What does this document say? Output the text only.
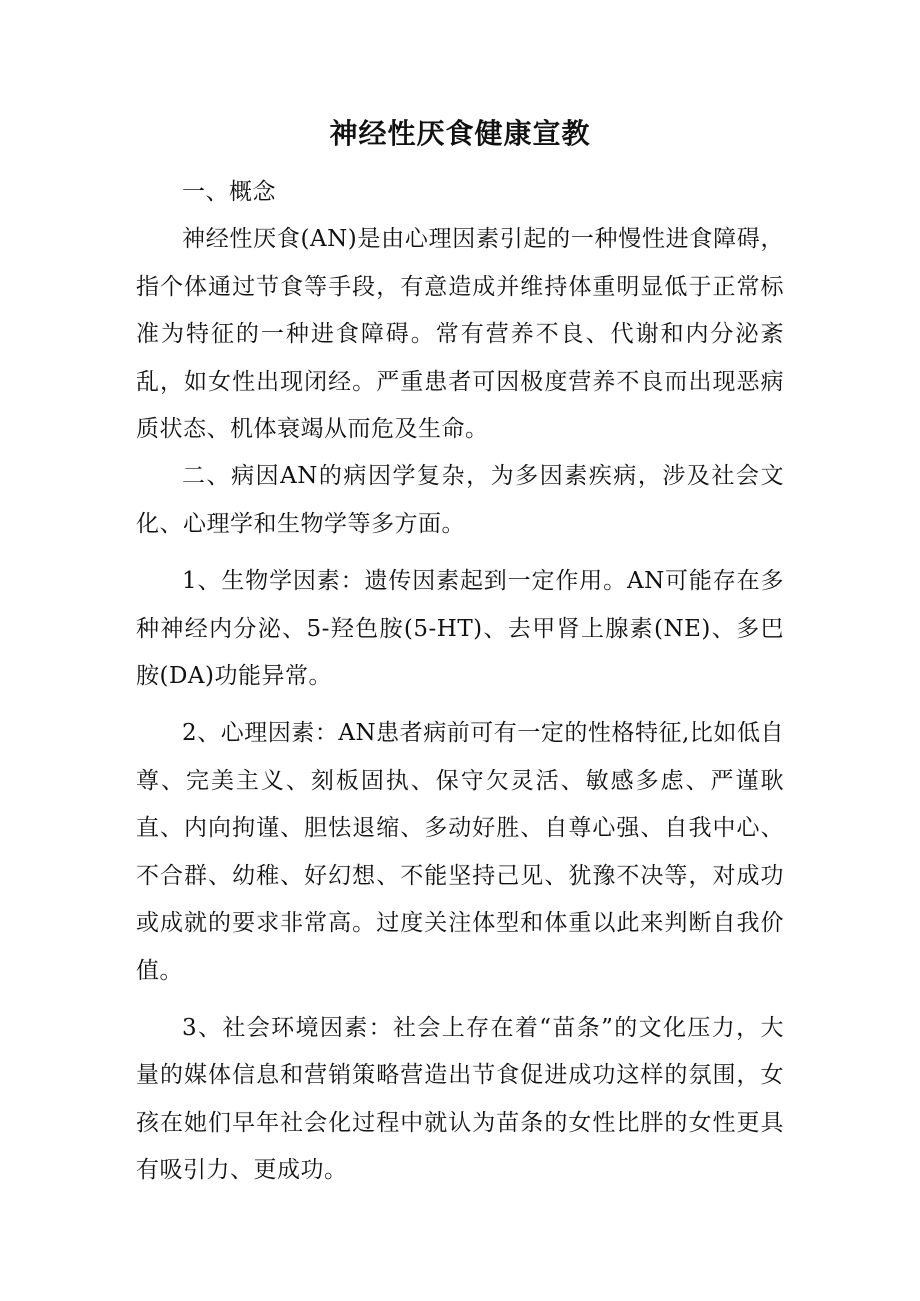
神经性厌食健康宣教

一、概念

神经性厌食(AN)是由心理因素引起的一种慢性进食障碍，指个体通过节食等手段，有意造成并维持体重明显低于正常标准为特征的一种进食障碍。常有营养不良、代谢和内分泌紊乱，如女性出现闭经。严重患者可因极度营养不良而出现恶病质状态、机体衰竭从而危及生命。

二、病因AN的病因学复杂，为多因素疾病，涉及社会文化、心理学和生物学等多方面。

1、生物学因素：遗传因素起到一定作用。AN可能存在多种神经内分泌、5-羟色胺(5-HT)、去甲肾上腺素(NE)、多巴胺(DA)功能异常。

2、心理因素：AN患者病前可有一定的性格特征,比如低自尊、完美主义、刻板固执、保守欠灵活、敏感多虑、严谨耿直、内向拘谨、胆怯退缩、多动好胜、自尊心强、自我中心、不合群、幼稚、好幻想、不能坚持己见、犹豫不决等，对成功或成就的要求非常高。过度关注体型和体重以此来判断自我价值。

3、社会环境因素：社会上存在着“苗条”的文化压力，大量的媒体信息和营销策略营造出节食促进成功这样的氛围，女孩在她们早年社会化过程中就认为苗条的女性比胖的女性更具有吸引力、更成功。
